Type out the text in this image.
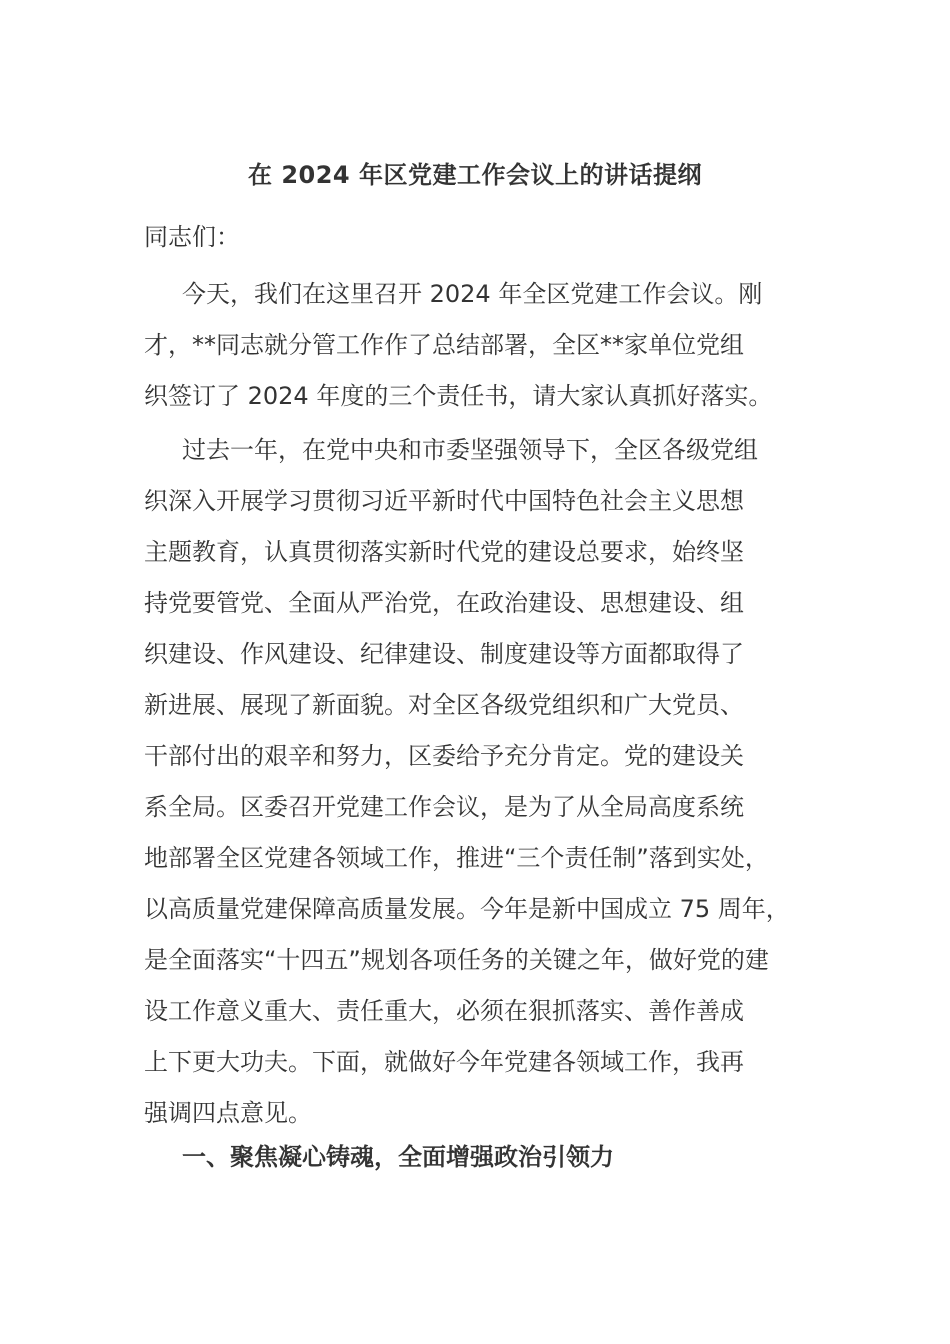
在 2024 年区党建工作会议上的讲话提纲
同志们：
今天，我们在这里召开 2024 年全区党建工作会议。刚
才，**同志就分管工作作了总结部署，全区**家单位党组
织签订了 2024 年度的三个责任书，请大家认真抓好落实。
过去一年，在党中央和市委坚强领导下，全区各级党组
织深入开展学习贯彻习近平新时代中国特色社会主义思想
主题教育，认真贯彻落实新时代党的建设总要求，始终坚
持党要管党、全面从严治党，在政治建设、思想建设、组
织建设、作风建设、纪律建设、制度建设等方面都取得了
新进展、展现了新面貌。对全区各级党组织和广大党员、
干部付出的艰辛和努力，区委给予充分肯定。党的建设关
系全局。区委召开党建工作会议，是为了从全局高度系统
地部署全区党建各领域工作，推进“三个责任制”落到实处，
以高质量党建保障高质量发展。今年是新中国成立 75 周年，
是全面落实“十四五”规划各项任务的关键之年，做好党的建
设工作意义重大、责任重大，必须在狠抓落实、善作善成
上下更大功夫。下面，就做好今年党建各领域工作，我再
强调四点意见。
一、聚焦凝心铸魂，全面增强政治引领力
